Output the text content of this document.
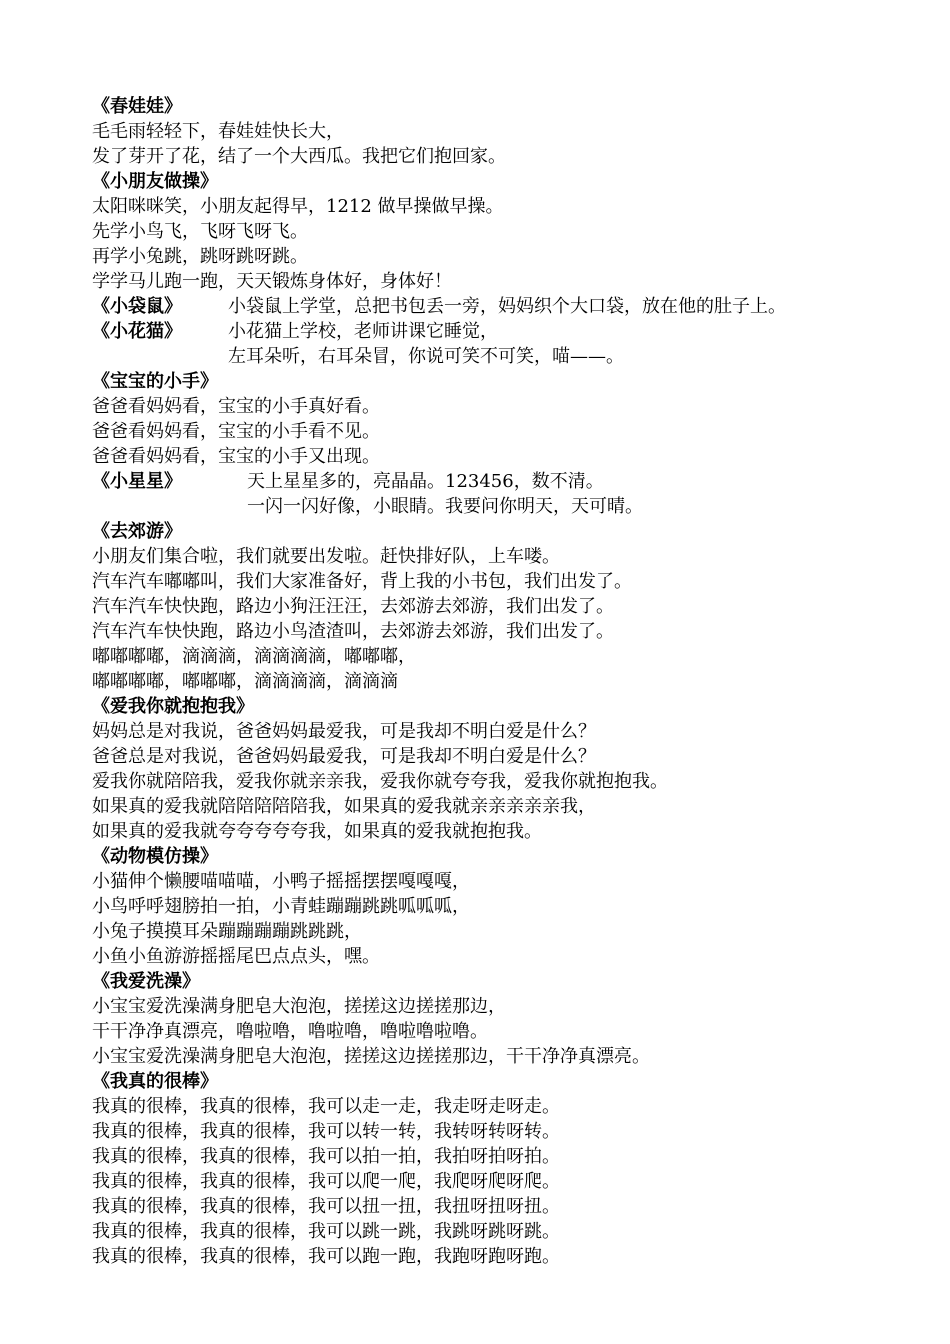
《春娃娃》
毛毛雨轻轻下，春娃娃快长大，
发了芽开了花，结了一个大西瓜。我把它们抱回家。
《小朋友做操》
太阳咪咪笑，小朋友起得早，1212 做早操做早操。
先学小鸟飞，飞呀飞呀飞。
再学小兔跳，跳呀跳呀跳。
学学马儿跑一跑，天天锻炼身体好，身体好！
《小袋鼠》	小袋鼠上学堂，总把书包丢一旁，妈妈织个大口袋，放在他的肚子上。
《小花猫》	小花猫上学校，老师讲课它睡觉，
左耳朵听，右耳朵冒，你说可笑不可笑，喵——。
《宝宝的小手》
爸爸看妈妈看，宝宝的小手真好看。
爸爸看妈妈看，宝宝的小手看不见。
爸爸看妈妈看，宝宝的小手又出现。
《小星星》	天上星星多的，亮晶晶。123456，数不清。
一闪一闪好像，小眼睛。我要问你明天，天可晴。
《去郊游》
小朋友们集合啦，我们就要出发啦。赶快排好队，上车喽。
汽车汽车嘟嘟叫，我们大家准备好，背上我的小书包，我们出发了。
汽车汽车快快跑，路边小狗汪汪汪，去郊游去郊游，我们出发了。
汽车汽车快快跑，路边小鸟渣渣叫，去郊游去郊游，我们出发了。
嘟嘟嘟嘟，滴滴滴，滴滴滴滴，嘟嘟嘟，
嘟嘟嘟嘟，嘟嘟嘟，滴滴滴滴，滴滴滴
《爱我你就抱抱我》
妈妈总是对我说，爸爸妈妈最爱我，可是我却不明白爱是什么？
爸爸总是对我说，爸爸妈妈最爱我，可是我却不明白爱是什么？
爱我你就陪陪我，爱我你就亲亲我，爱我你就夸夸我，爱我你就抱抱我。
如果真的爱我就陪陪陪陪陪我，如果真的爱我就亲亲亲亲亲我，
如果真的爱我就夸夸夸夸夸我，如果真的爱我就抱抱我。
《动物模仿操》
小猫伸个懒腰喵喵喵，小鸭子摇摇摆摆嘎嘎嘎，
小鸟呼呼翅膀拍一拍，小青蛙蹦蹦跳跳呱呱呱，
小兔子摸摸耳朵蹦蹦蹦蹦跳跳跳，
小鱼小鱼游游摇摇尾巴点点头，嘿。
《我爱洗澡》
小宝宝爱洗澡满身肥皂大泡泡，搓搓这边搓搓那边，
干干净净真漂亮，噜啦噜，噜啦噜，噜啦噜啦噜。
小宝宝爱洗澡满身肥皂大泡泡，搓搓这边搓搓那边，干干净净真漂亮。
《我真的很棒》
我真的很棒，我真的很棒，我可以走一走，我走呀走呀走。
我真的很棒，我真的很棒，我可以转一转，我转呀转呀转。
我真的很棒，我真的很棒，我可以拍一拍，我拍呀拍呀拍。
我真的很棒，我真的很棒，我可以爬一爬，我爬呀爬呀爬。
我真的很棒，我真的很棒，我可以扭一扭，我扭呀扭呀扭。
我真的很棒，我真的很棒，我可以跳一跳，我跳呀跳呀跳。
我真的很棒，我真的很棒，我可以跑一跑，我跑呀跑呀跑。
